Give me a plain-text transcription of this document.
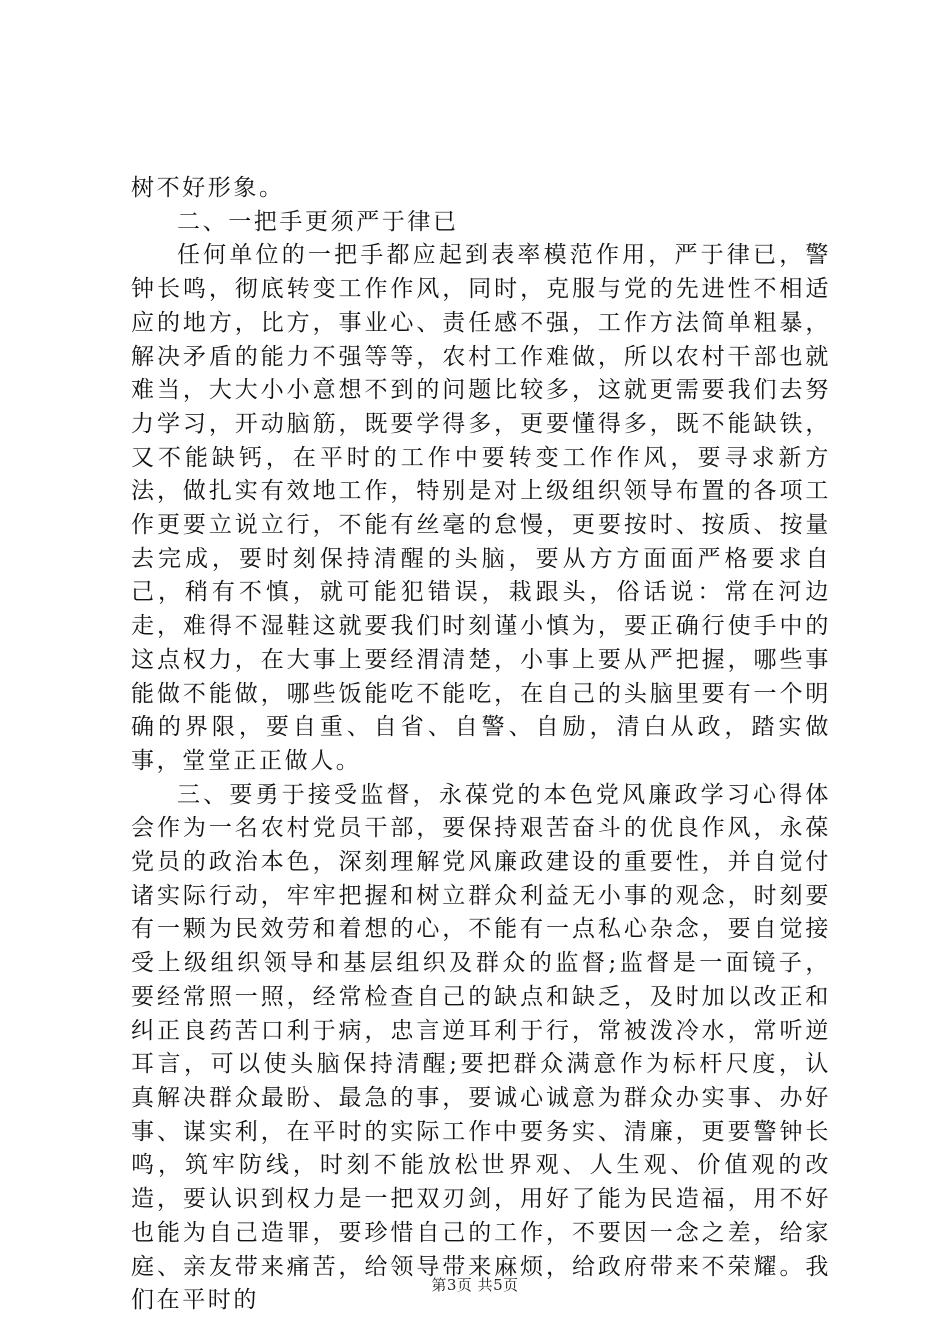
树不好形象。

二、一把手更须严于律已

任何单位的一把手都应起到表率模范作用，严于律已，警钟长鸣，彻底转变工作作风，同时，克服与党的先进性不相适应的地方，比方，事业心、责任感不强，工作方法简单粗暴，解决矛盾的能力不强等等，农村工作难做，所以农村干部也就难当，大大小小意想不到的问题比较多，这就更需要我们去努力学习，开动脑筋，既要学得多，更要懂得多，既不能缺铁，又不能缺钙，在平时的工作中要转变工作作风，要寻求新方法，做扎实有效地工作，特别是对上级组织领导布置的各项工作更要立说立行，不能有丝毫的怠慢，更要按时、按质、按量去完成，要时刻保持清醒的头脑，要从方方面面严格要求自己，稍有不慎，就可能犯错误，栽跟头，俗话说：常在河边走，难得不湿鞋这就要我们时刻谨小慎为，要正确行使手中的这点权力，在大事上要经渭清楚，小事上要从严把握，哪些事能做不能做，哪些饭能吃不能吃，在自己的头脑里要有一个明确的界限，要自重、自省、自警、自励，清白从政，踏实做事，堂堂正正做人。

三、要勇于接受监督，永葆党的本色党风廉政学习心得体会作为一名农村党员干部，要保持艰苦奋斗的优良作风，永葆党员的政治本色，深刻理解党风廉政建设的重要性，并自觉付诸实际行动，牢牢把握和树立群众利益无小事的观念，时刻要有一颗为民效劳和着想的心，不能有一点私心杂念，要自觉接受上级组织领导和基层组织及群众的监督;监督是一面镜子，要经常照一照，经常检查自己的缺点和缺乏，及时加以改正和纠正良药苦口利于病，忠言逆耳利于行，常被泼冷水，常听逆耳言，可以使头脑保持清醒;要把群众满意作为标杆尺度，认真解决群众最盼、最急的事，要诚心诚意为群众办实事、办好事、谋实利，在平时的实际工作中要务实、清廉，更要警钟长鸣，筑牢防线，时刻不能放松世界观、人生观、价值观的改造，要认识到权力是一把双刃剑，用好了能为民造福，用不好也能为自己造罪，要珍惜自己的工作，不要因一念之差，给家庭、亲友带来痛苦，给领导带来麻烦，给政府带来不荣耀。我们在平时的

第3页 共5页
